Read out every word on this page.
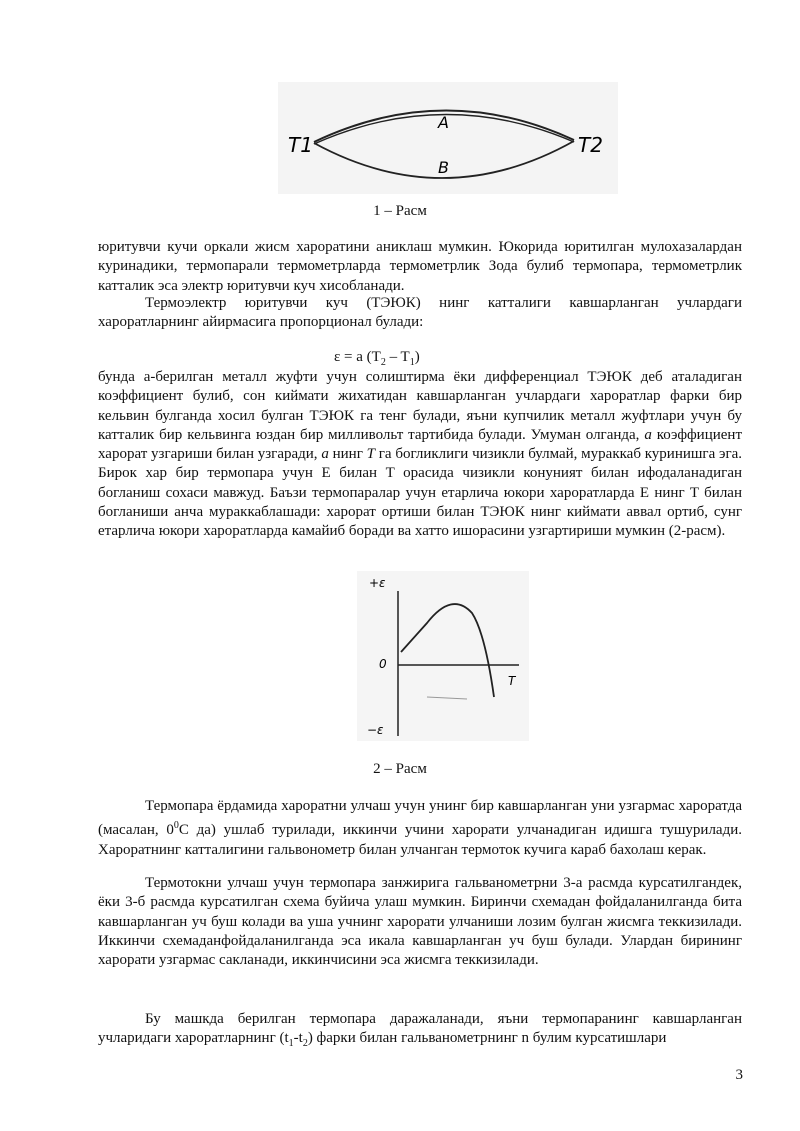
T1	T2
A
B
1 – Расм

юритувчи кучи оркали жисм хароратини аниклаш мумкин. Юкорида юритилган мулохазалардан куринадики, термопарали термометрларда термометрлик Зода булиб термопара, термометрлик катталик эса электр юритувчи куч хисобланади.

Термоэлектр юритувчи куч (ТЭЮК) нинг катталиги кавшарланган учлардаги хароратларнинг айирмасига пропорционал булади:

ε = a $(T_2 - T_1)$

бунда a-берилган металл жуфти учун солиштирма ёки дифференциал ТЭЮК деб аталадиган коэффициент булиб, сон киймати жихатидан кавшарланган учлардаги хароратлар фарки бир кельвин булганда хосил булган ТЭЮК га тенг булади, яъни купчилик металл жуфтлари учун бу катталик бир кельвинга юздан бир милливольт тартибида булади. Умуман олганда, a коэффициент харорат узгариши билан узгаради, a нинг T га богликлиги чизикли булмай, мураккаб куринишга эга. Бирок хар бир термопара учун E билан T орасида чизикли конуният билан ифодаланадиган богланиш сохаси мавжуд. Баъзи термопаралар учун етарлича юкори хароратларда E нинг T билан богланиши анча мураккаблашади: харорат ортиши билан ТЭЮК нинг киймати аввал ортиб, сунг етарлича юкори хароратларда камайиб боради ва хатто ишорасини узгартириши мумкин (2-расм).

+ε
0
T
−ε
2 – Расм

Термопара ёрдамида хароратни улчаш учун унинг бир кавшарланган уни узгармас хароратда (масалан, $0^0С$ да) ушлаб турилади, иккинчи учини харорати улчанадиган идишга тушурилади. Хароратнинг катталигини гальвонометр билан улчанган термоток кучига караб бахолаш керак.

Термотокни улчаш учун термопара занжирига гальванометрни 3-а расмда курсатилгандек, ёки 3-б расмда курсатилган схема буйича улаш мумкин. Биринчи схемадан фойдаланилганда бита кавшарланган уч буш колади ва уша учнинг харорати улчаниши лозим булган жисмга теккизилади. Иккинчи схемаданфойдаланилганда эса икала кавшарланган уч буш булади. Улардан бирининг харорати узгармас сакланади, иккинчисини эса жисмга теккизилади.

Бу машкда берилган термопара даражаланади, яъни термопаранинг кавшарланган учларидаги хароратларнинг $(t_1-t_2)$ фарки билан гальванометрнинг n булим курсатишлари

3
